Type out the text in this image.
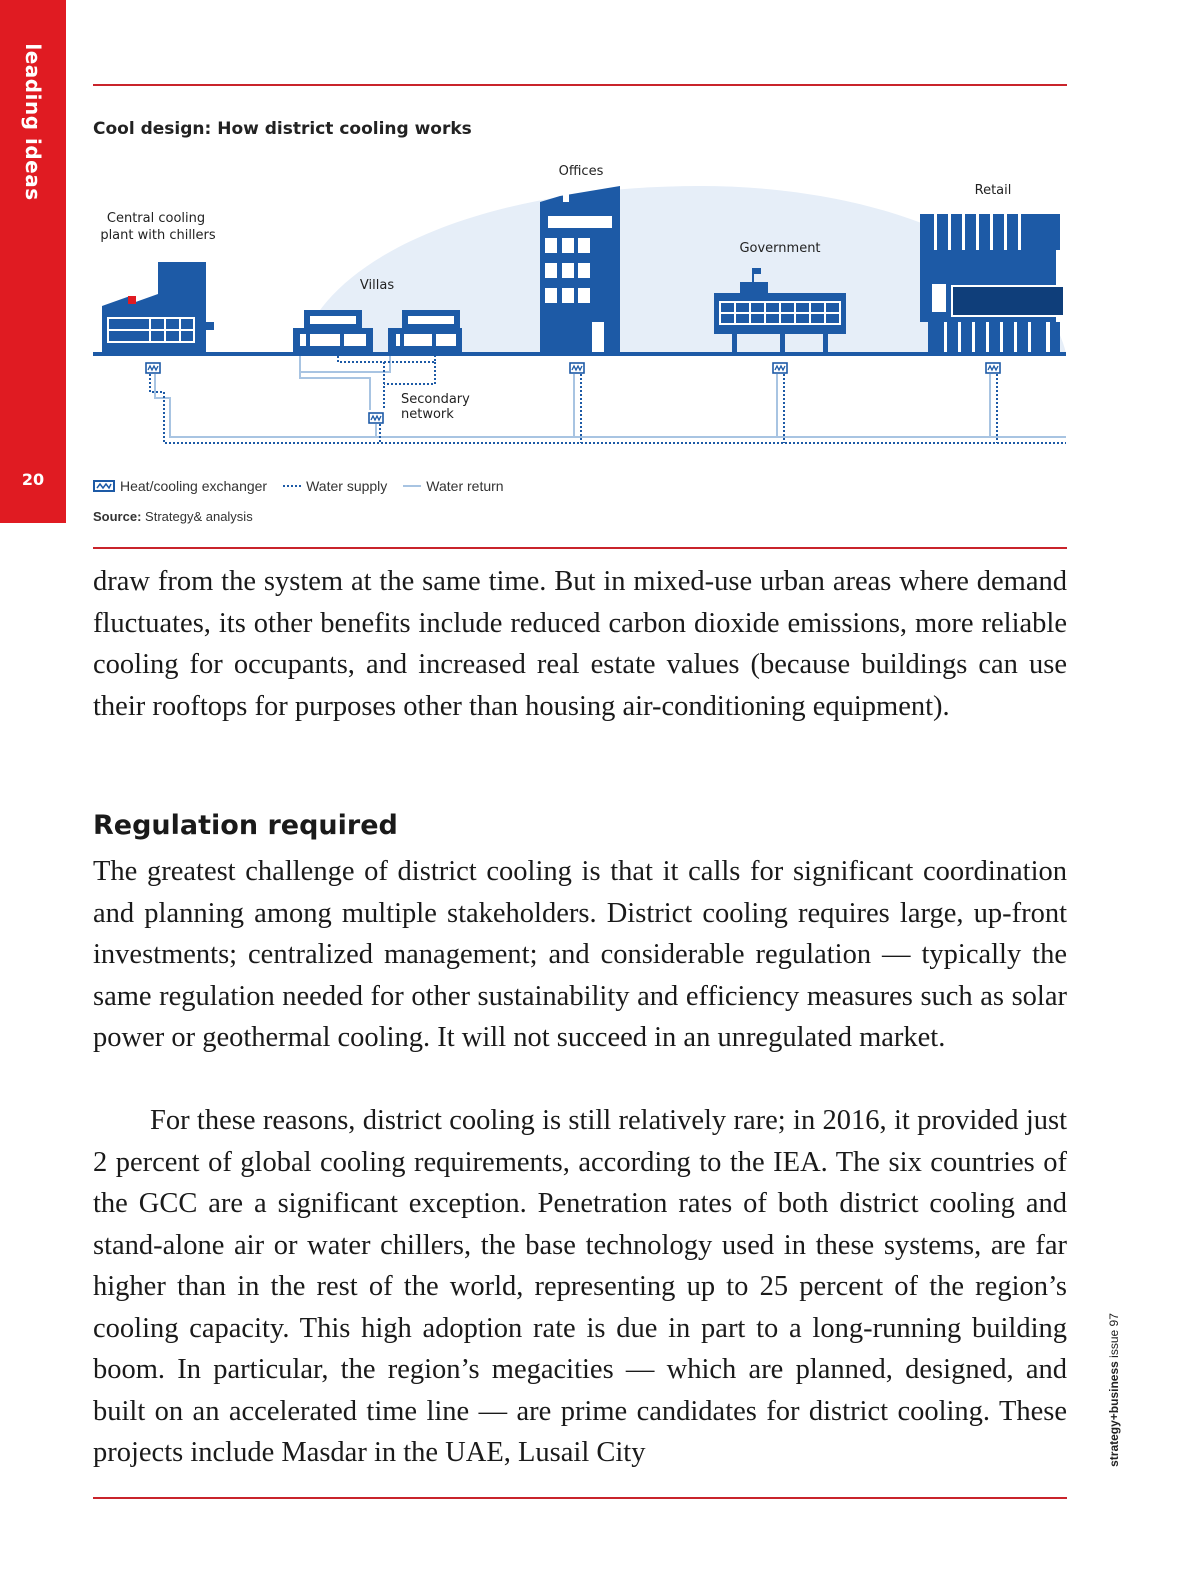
leading ideas
20
Cool design: How district cooling works
Central cooling
plant with chillers
Villas
Offices
Government
Retail
Secondary
network
Heat/cooling exchanger	Water supply	Water return
Source: Strategy& analysis

draw from the system at the same time. But in mixed-use urban areas where demand fluctuates, its other benefits include reduced carbon dioxide emissions, more reliable cooling for occupants, and increased real estate values (because buildings can use their rooftops for purposes other than housing air-conditioning equipment).

Regulation required

The greatest challenge of district cooling is that it calls for significant coordination and planning among multiple stakeholders. District cooling requires large, up-front investments; centralized management; and considerable regulation — typically the same regulation needed for other sustainability and efficiency measures such as solar power or geothermal cooling. It will not succeed in an unregulated market.

For these reasons, district cooling is still relatively rare; in 2016, it provided just 2 percent of global cooling requirements, according to the IEA. The six countries of the GCC are a significant exception. Penetration rates of both district cooling and stand-alone air or water chillers, the base technology used in these systems, are far higher than in the rest of the world, representing up to 25 percent of the region’s cooling capacity. This high adoption rate is due in part to a long-running building boom. In particular, the region’s megacities — which are planned, designed, and built on an accelerated time line — are prime candidates for district cooling. These projects include Masdar in the UAE, Lusail City	strategy+business issue 97
